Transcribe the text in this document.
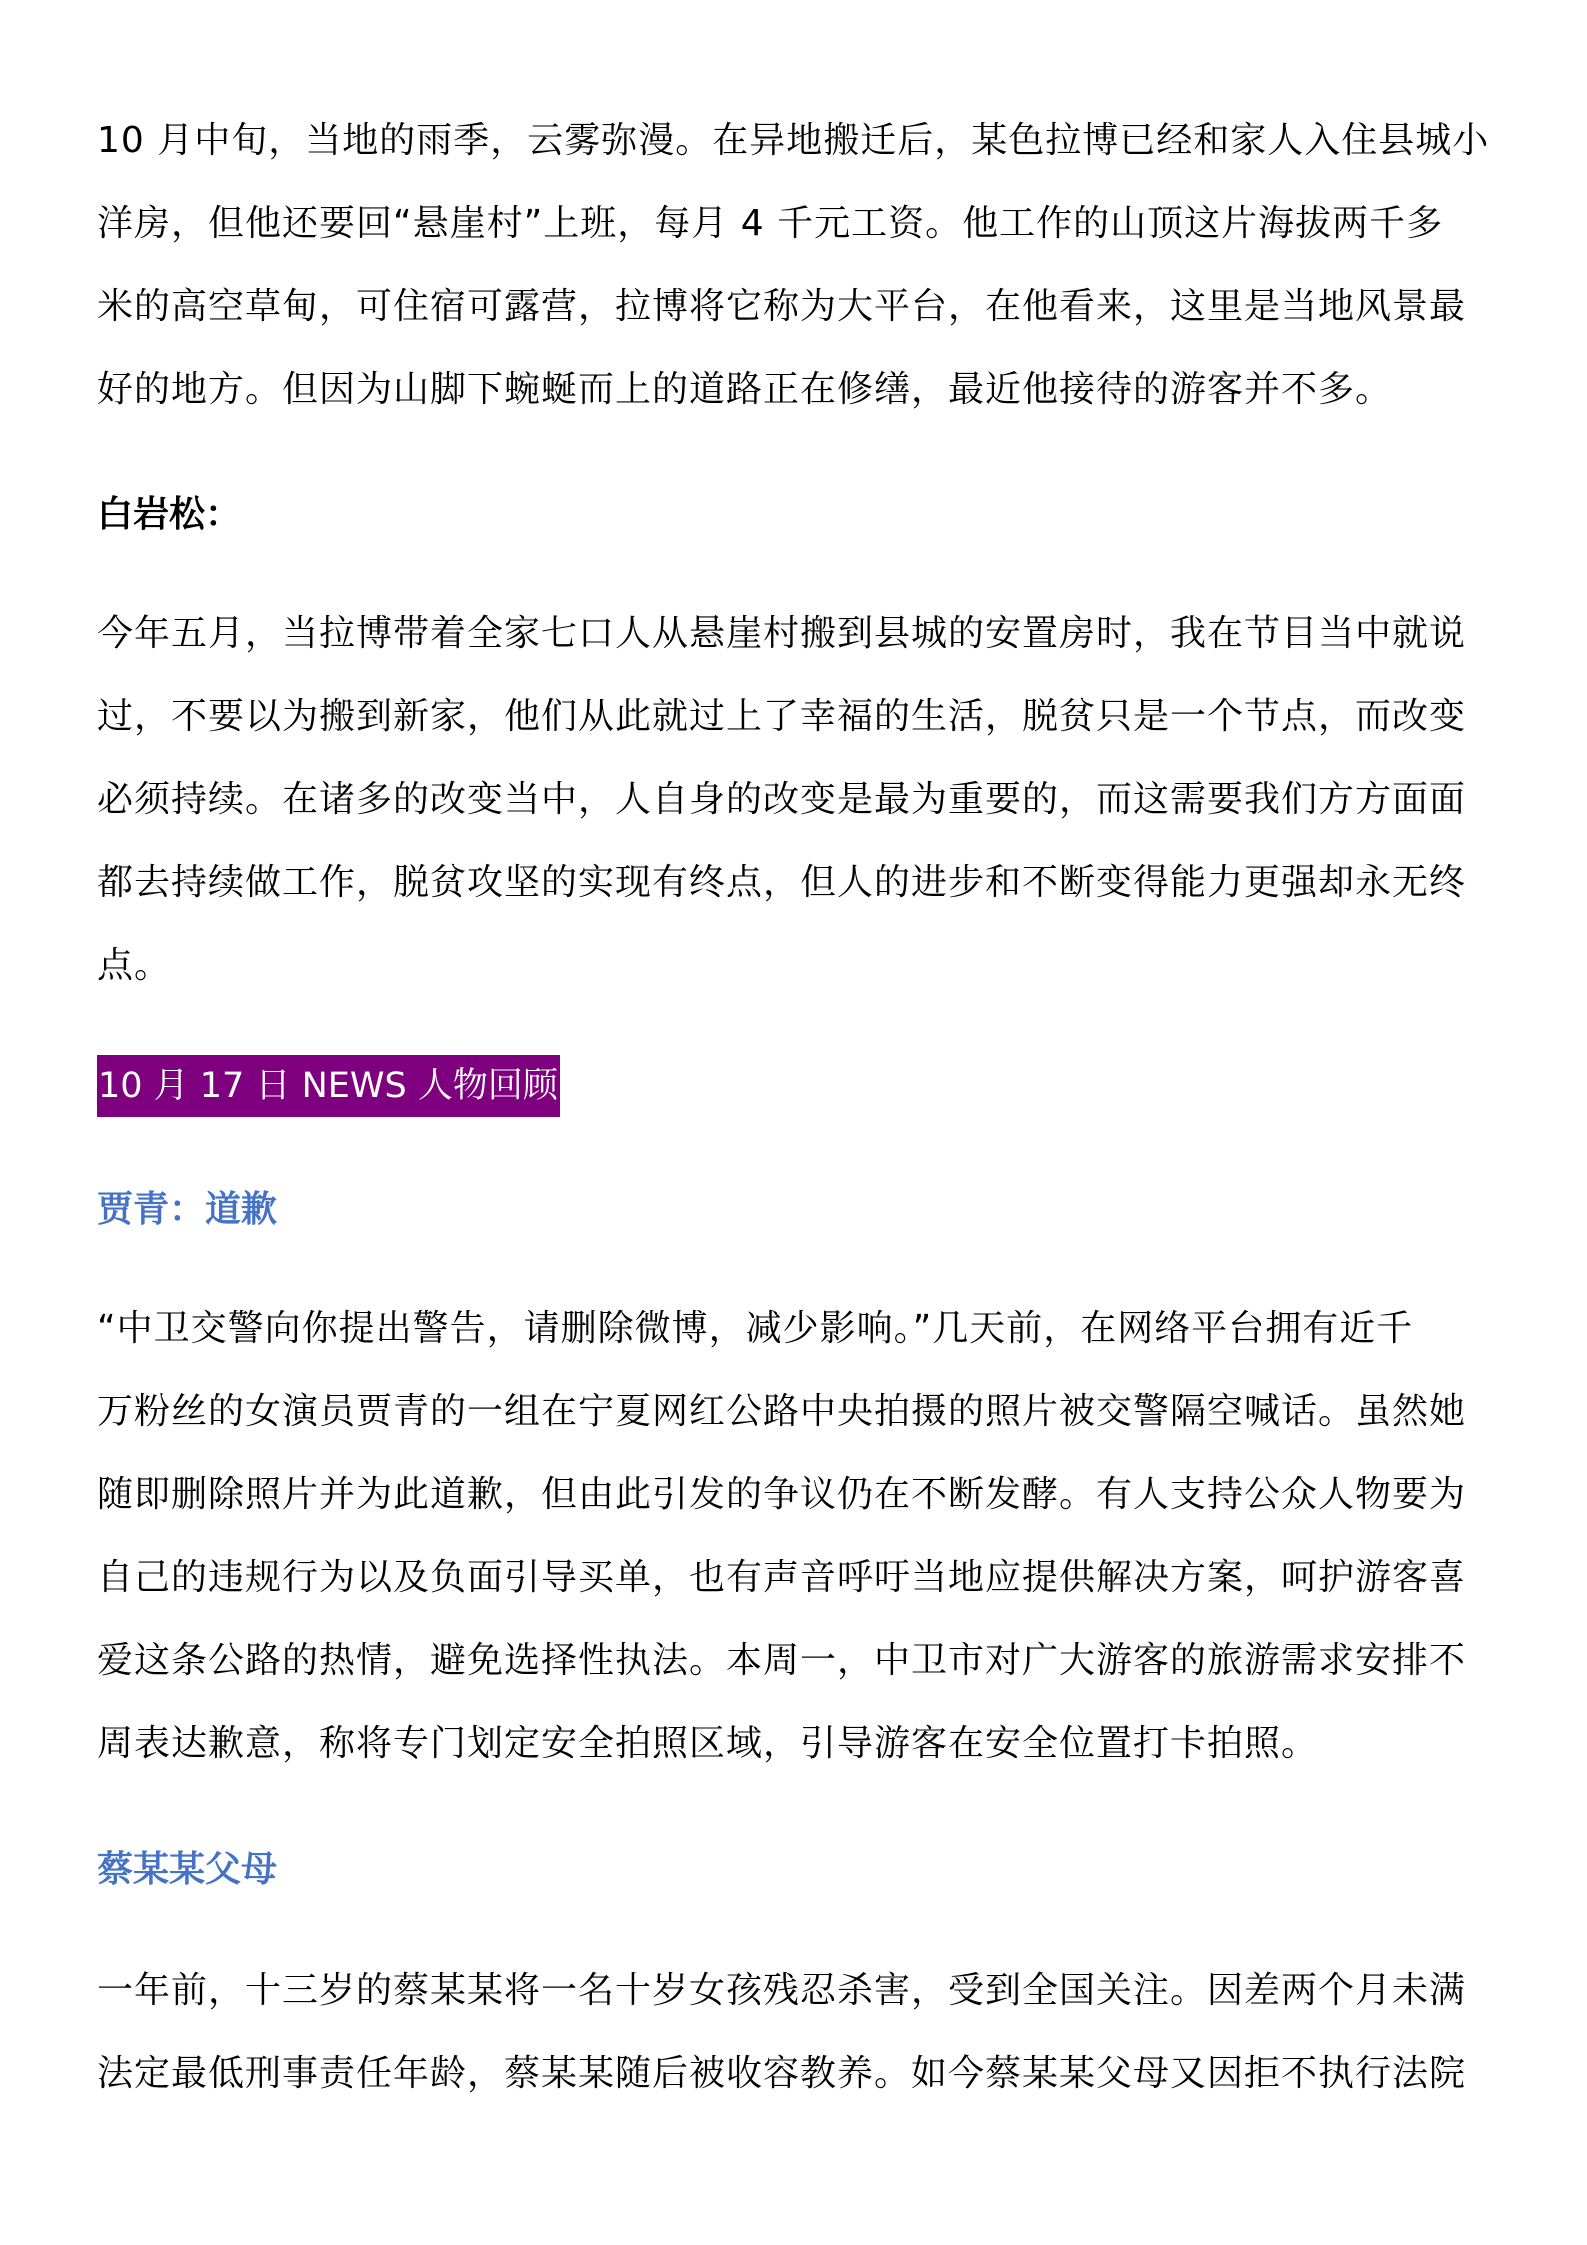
10 月中旬，当地的雨季，云雾弥漫。在异地搬迁后，某色拉博已经和家人入住县城小
洋房，但他还要回“悬崖村”上班，每月 4 千元工资。他工作的山顶这片海拔两千多
米的高空草甸，可住宿可露营，拉博将它称为大平台，在他看来，这里是当地风景最
好的地方。但因为山脚下蜿蜒而上的道路正在修缮，最近他接待的游客并不多。
白岩松：
今年五月，当拉博带着全家七口人从悬崖村搬到县城的安置房时，我在节目当中就说
过，不要以为搬到新家，他们从此就过上了幸福的生活，脱贫只是一个节点，而改变
必须持续。在诸多的改变当中，人自身的改变是最为重要的，而这需要我们方方面面
都去持续做工作，脱贫攻坚的实现有终点，但人的进步和不断变得能力更强却永无终
点。
10 月 17 日 NEWS 人物回顾
贾青：道歉
“中卫交警向你提出警告，请删除微博，减少影响。”几天前，在网络平台拥有近千
万粉丝的女演员贾青的一组在宁夏网红公路中央拍摄的照片被交警隔空喊话。虽然她
随即删除照片并为此道歉，但由此引发的争议仍在不断发酵。有人支持公众人物要为
自己的违规行为以及负面引导买单，也有声音呼吁当地应提供解决方案，呵护游客喜
爱这条公路的热情，避免选择性执法。本周一，中卫市对广大游客的旅游需求安排不
周表达歉意，称将专门划定安全拍照区域，引导游客在安全位置打卡拍照。
蔡某某父母
一年前，十三岁的蔡某某将一名十岁女孩残忍杀害，受到全国关注。因差两个月未满
法定最低刑事责任年龄，蔡某某随后被收容教养。如今蔡某某父母又因拒不执行法院
